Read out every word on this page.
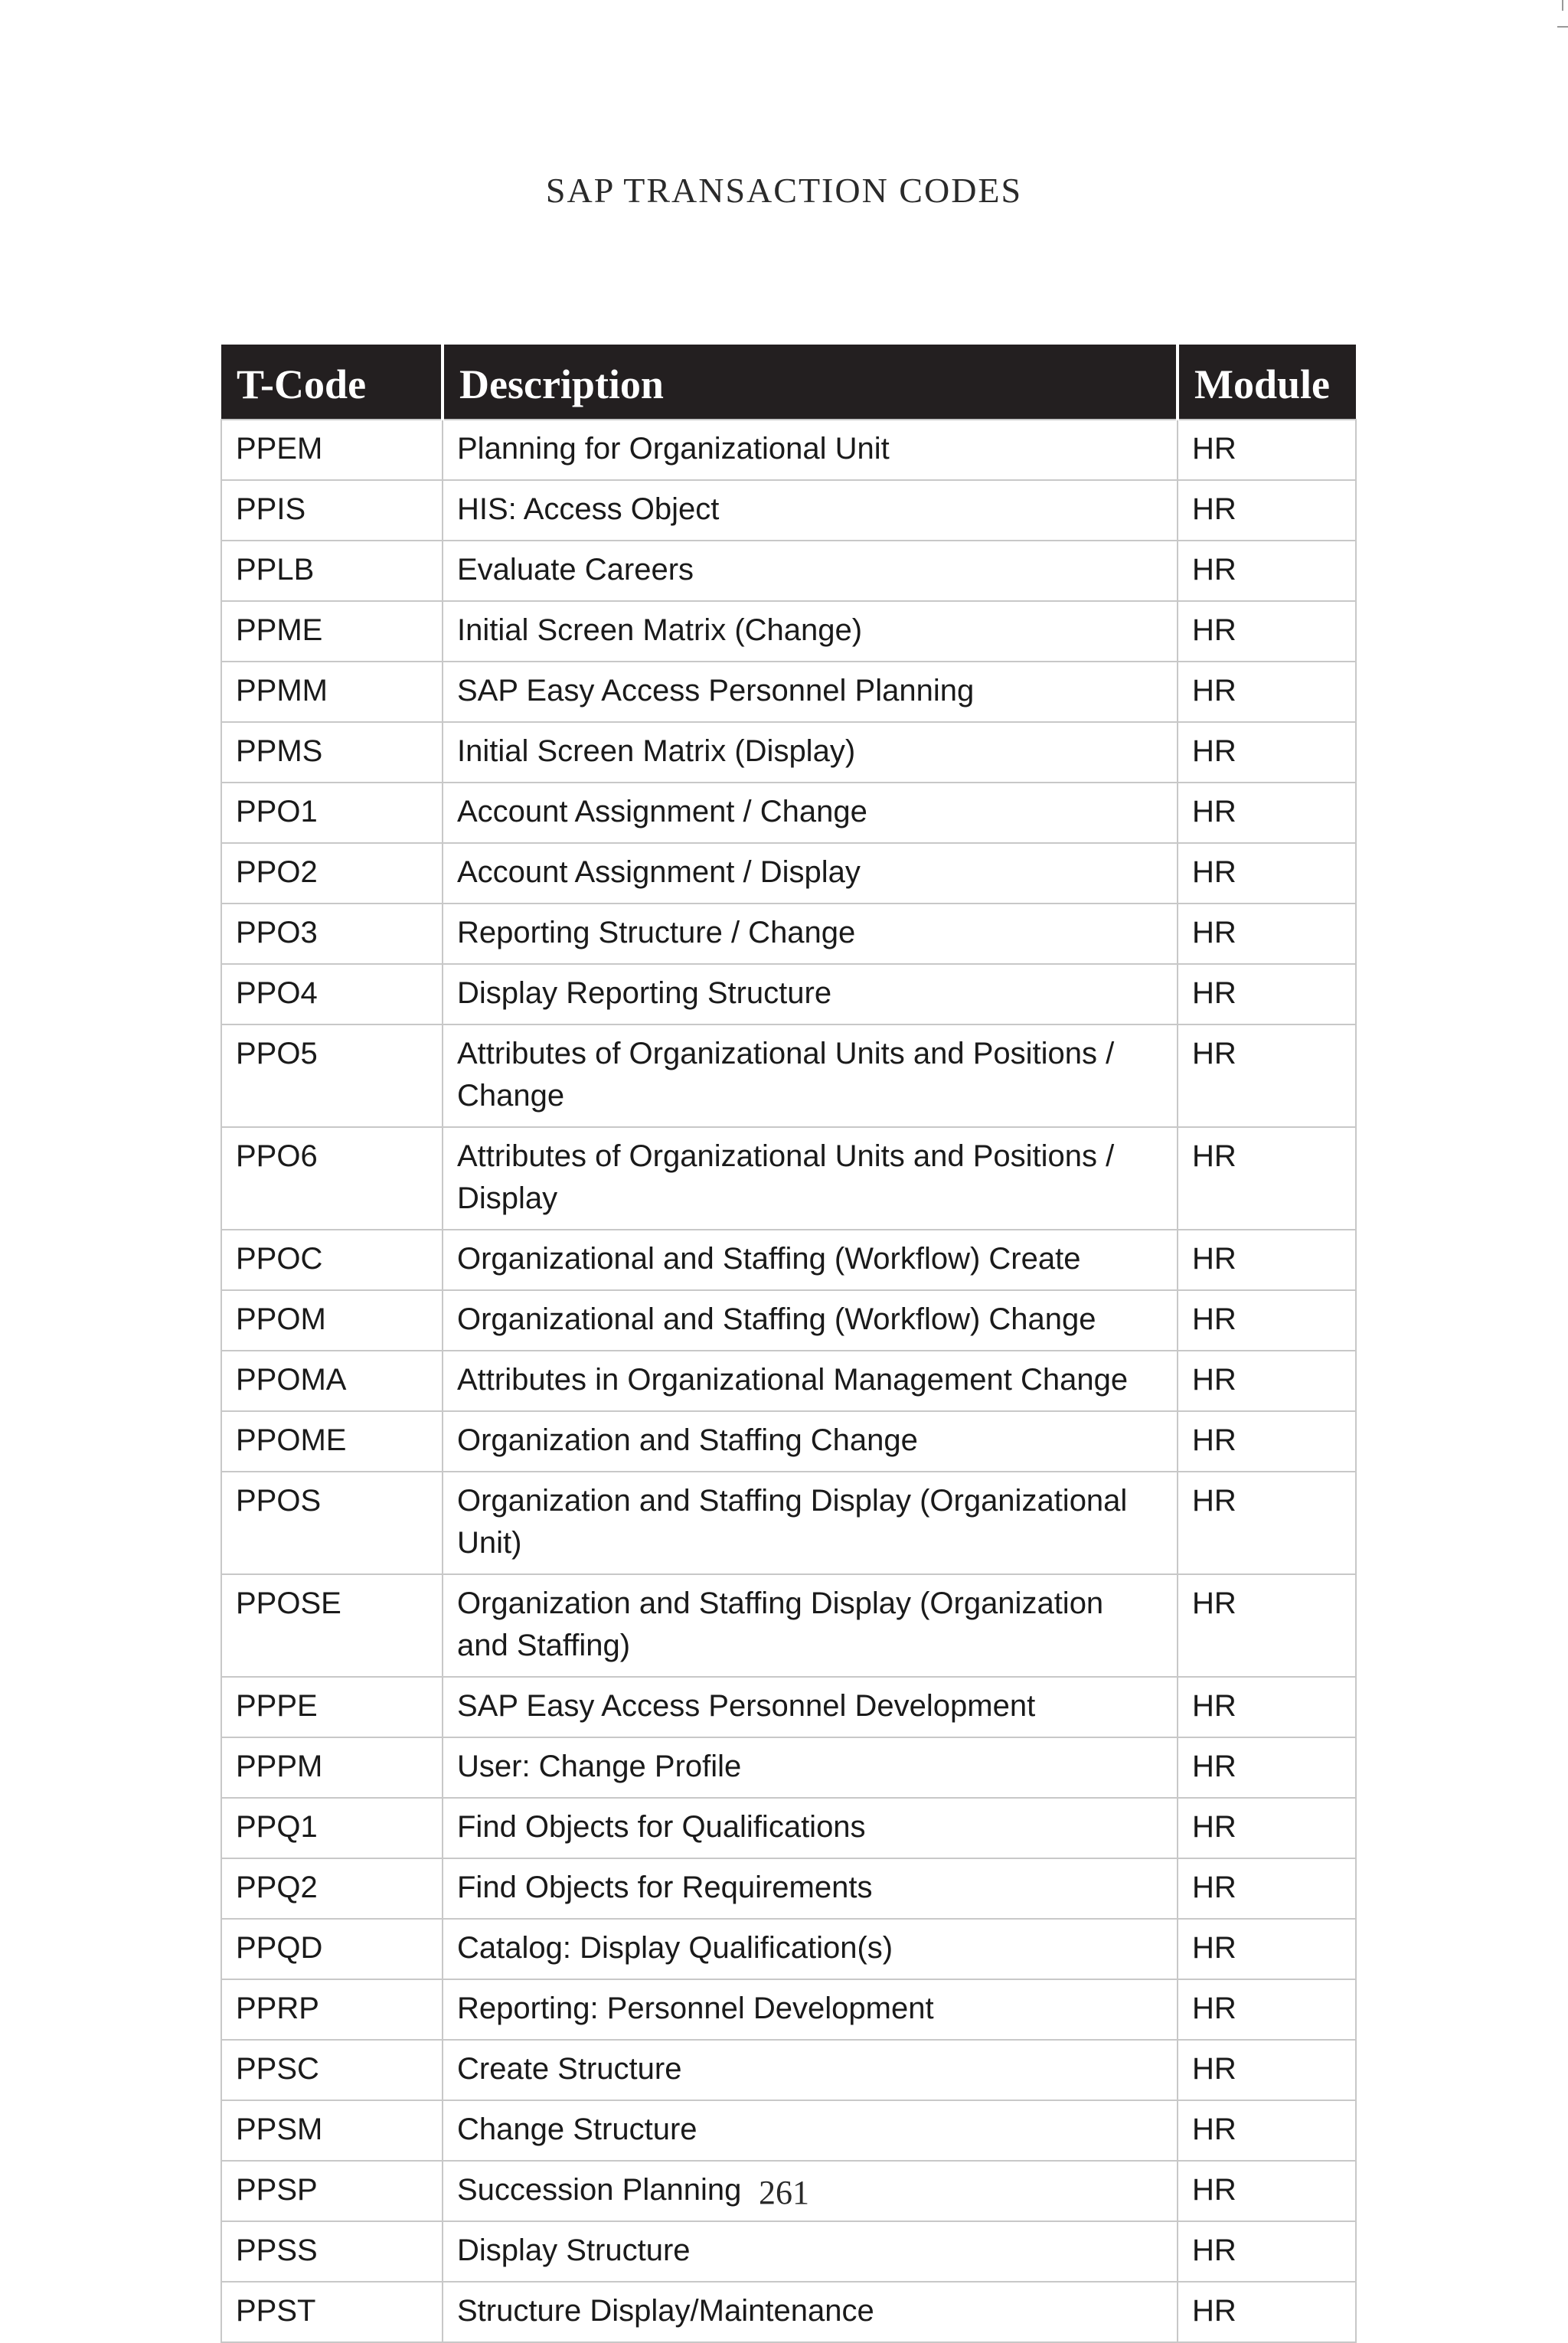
SAP TRANSACTION CODES
T-Code	Description	Module
PPEM	Planning for Organizational Unit	HR
PPIS	HIS: Access Object	HR
PPLB	Evaluate Careers	HR
PPME	Initial Screen Matrix (Change)	HR
PPMM	SAP Easy Access Personnel Planning	HR
PPMS	Initial Screen Matrix (Display)	HR
PPO1	Account Assignment / Change	HR
PPO2	Account Assignment / Display	HR
PPO3	Reporting Structure / Change	HR
PPO4	Display Reporting Structure	HR
PPO5	Attributes of Organizational Units and Positions / Change	HR
PPO6	Attributes of Organizational Units and Positions / Display	HR
PPOC	Organizational and Staffing (Workflow) Create	HR
PPOM	Organizational and Staffing (Workflow) Change	HR
PPOMA	Attributes in Organizational Management Change	HR
PPOME	Organization and Staffing Change	HR
PPOS	Organization and Staffing Display (Organizational Unit)	HR
PPOSE	Organization and Staffing Display (Organization and Staffing)	HR
PPPE	SAP Easy Access Personnel Development	HR
PPPM	User: Change Profile	HR
PPQ1	Find Objects for Qualifications	HR
PPQ2	Find Objects for Requirements	HR
PPQD	Catalog: Display Qualification(s)	HR
PPRP	Reporting: Personnel Development	HR
PPSC	Create Structure	HR
PPSM	Change Structure	HR
PPSP	Succession Planning	HR
PPSS	Display Structure	HR
PPST	Structure Display/Maintenance	HR
261
